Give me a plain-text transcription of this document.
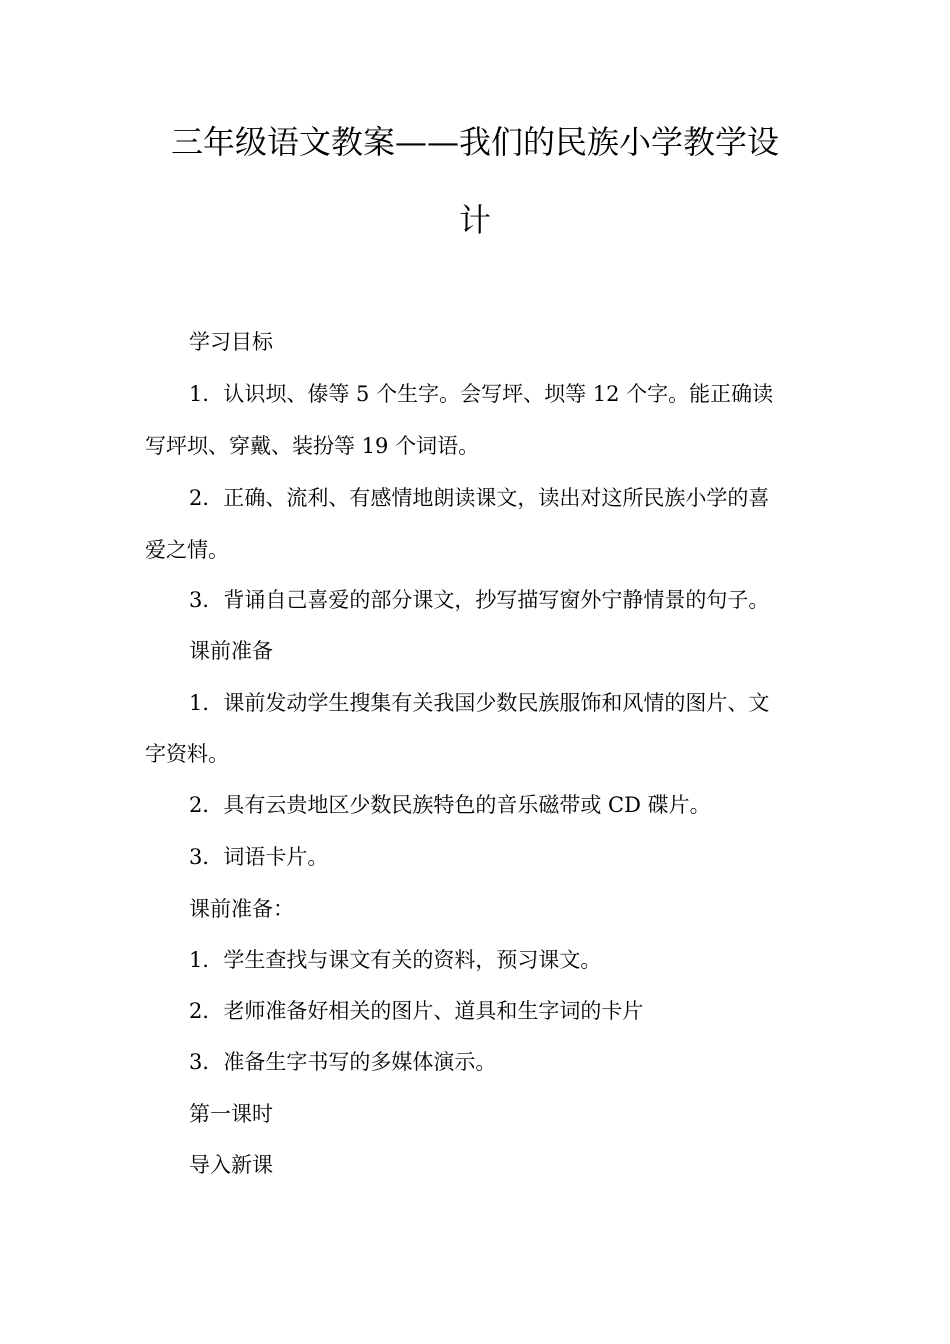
三年级语文教案——我们的民族小学教学设
计
学习目标
1．认识坝、傣等 5 个生字。会写坪、坝等 12 个字。能正确读
写坪坝、穿戴、装扮等 19 个词语。
2．正确、流利、有感情地朗读课文，读出对这所民族小学的喜
爱之情。
3．背诵自己喜爱的部分课文，抄写描写窗外宁静情景的句子。
课前准备
1．课前发动学生搜集有关我国少数民族服饰和风情的图片、文
字资料。
2．具有云贵地区少数民族特色的音乐磁带或 CD 碟片。
3．词语卡片。
课前准备：
1．学生查找与课文有关的资料，预习课文。
2．老师准备好相关的图片、道具和生字词的卡片
3．准备生字书写的多媒体演示。
第一课时
导入新课
